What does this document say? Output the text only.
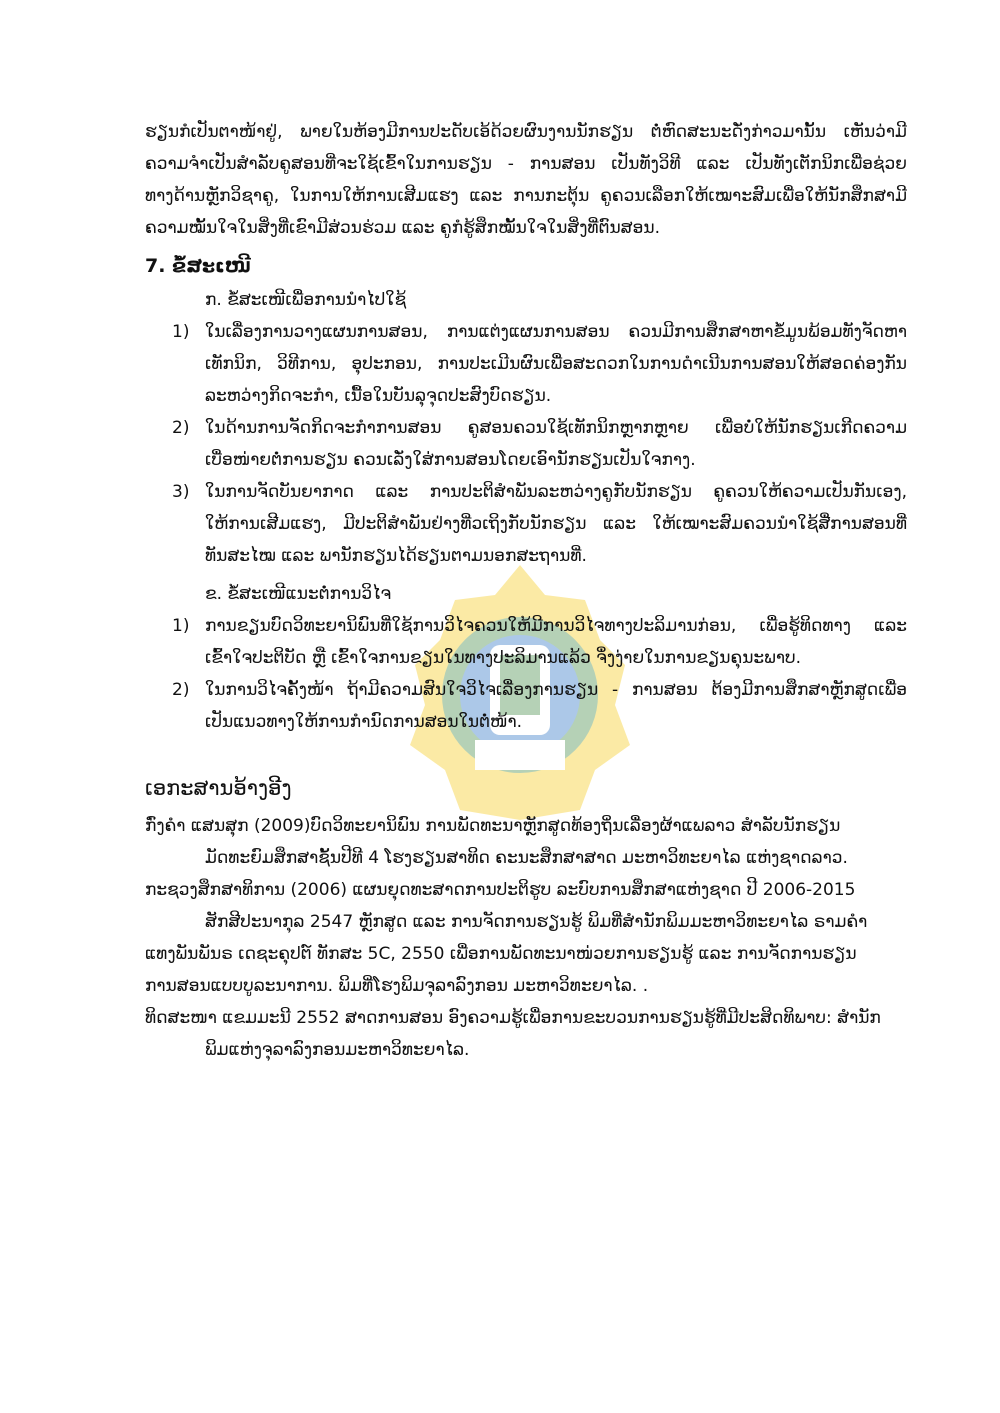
ຮຽນກໍເປັນຕາໜ້າຢູ່, ພາຍໃນຫ້ອງມີການປະດັບເອ້ດ້ວຍຜົນງານນັກຮຽນ ຕໍ່ຫົດສະນະດັ່ງກ່າວມານັ້ນ ເຫັນວ່າມີ
ຄວາມຈໍາເປັນສໍາລັບຄູສອນທີ່ຈະໃຊ້ເຂົ້າໃນການຮຽນ - ການສອນ ເປັນທັງວິທີ ແລະ ເປັນທັງເຕັກນິກເພື່ອຊ່ວຍ
ທາງດ້ານຫຼັກວິຊາຄູ, ໃນການໃຫ້ການເສີມແຮງ ແລະ ການກະຕຸ້ນ ຄູຄວນເລືອກໃຫ້ເໝາະສົມເພື່ອໃຫ້ນັກສຶກສາມີ
ຄວາມໝັ້ນໃຈໃນສິ່ງທີ່ເຂົາມີສ່ວນຮ່ວມ ແລະ ຄູກໍຮູ້ສຶກໝັ້ນໃຈໃນສິ່ງທີ່ຕົນສອນ.
7. ຂໍ້ສະເໜີ
ກ. ຂໍ້ສະເໜີເພື່ອການນໍາໄປໃຊ້
1) ໃນເລື່ອງການວາງແຜນການສອນ, ການແຕ່ງແຜນການສອນ ຄວນມີການສຶກສາຫາຂໍ້ມູນພ້ອມທັງຈັດຫາ
ເທັກນິກ, ວິທີການ, ອຸປະກອນ, ການປະເມີນຜົນເພື່ອສະດວກໃນການດໍາເນີນການສອນໃຫ້ສອດຄ່ອງກັນ
ລະຫວ່າງກິດຈະກໍາ, ເນື້ອໃນບັນລຸຈຸດປະສົງບົດຮຽນ.
2) ໃນດ້ານການຈັດກິດຈະກໍາການສອນ ຄູສອນຄວນໃຊ້ເທັກນິກຫຼາກຫຼາຍ ເພື່ອບໍ່ໃຫ້ນັກຮຽນເກີດຄວາມ
ເບື່ອໜ່າຍຕໍ່ການຮຽນ ຄວນເລັ່ງໃສ່ການສອນໂດຍເອົານັກຮຽນເປັນໃຈກາງ.
3) ໃນການຈັດບັນຍາກາດ ແລະ ການປະຕິສໍາພັນລະຫວ່າງຄູກັບນັກຮຽນ ຄູຄວນໃຫ້ຄວາມເປັນກັນເອງ,
ໃຫ້ການເສີມແຮງ, ມີປະຕິສໍາພັນຢ່າງທີ່ວເຖິງກັບນັກຮຽນ ແລະ ໃຫ້ເໝາະສົມຄວນນໍາໃຊ້ສື່ການສອນທີ່
ທັນສະໄໝ ແລະ ພານັກຮຽນໄດ້ຮຽນຕາມນອກສະຖານທີ່.
ຂ. ຂໍ້ສະເໜີແນະຕໍ່ການວິໄຈ
1) ການຂຽນບົດວິທະຍານິພົນທີ່ໃຊ້ການວິໄຈຄວນໃຫ້ມີການວິໄຈທາງປະລິມານກ່ອນ, ເພື່ອຮູ້ທິດທາງ ແລະ
ເຂົ້າໃຈປະຕິບັດ ຫຼື ເຂົ້າໃຈການຂຽນໃນທາງປະລິມານແລ້ວ ຈຶ່ງງ່າຍໃນການຂຽນຄຸນະພາບ.
2) ໃນການວິໄຈຄັ້ງໜ້າ ຖ້າມີຄວາມສົນໃຈວິໄຈເລື່ອງການຮຽນ - ການສອນ ຕ້ອງມີການສຶກສາຫຼັກສູດເພື່ອ
ເປັນແນວທາງໃຫ້ການກໍານົດການສອນໃນຕໍ່ໜ້າ.
ເອກະສານອ້າງອີງ
ກົ່ງຄໍາ ແສນສຸກ (2009)ບົດວິທະຍານິພົນ ການພັດທະນາຫຼັກສູດທ້ອງຖິ່ນເລື່ອງຜ້າແພລາວ ສໍາລັບນັກຮຽນ
ມັດທະຍົມສຶກສາຊັ້ນປີທີ 4 ໂຮງຮຽນສາທິດ ຄະນະສຶກສາສາດ ມະຫາວິທະຍາໄລ ແຫ່ງຊາດລາວ.
ກະຊວງສຶກສາທິການ (2006) ແຜນຍຸດທະສາດການປະຕິຮູບ ລະບົບການສຶກສາແຫ່ງຊາດ ປີ 2006-2015
ສັກສີປະນາກຸລ 2547 ຫຼັກສູດ ແລະ ການຈັດການຮຽນຮູ້ ພິມທີ່ສໍານັກພິມມະຫາວິທະຍາໄລ ຣາມຄໍາ
ແທງພັນພັນຣ ເດຊະຄຸປຕ໌ ທັກສະ 5C, 2550 ເພື່ອການພັດທະນາໜ່ວຍການຮຽນຮູ້ ແລະ ການຈັດການຮຽນ
ການສອນແບບບູລະນາການ. ພິມທີ່ໂຮງພິມຈຸລາລົງກອນ ມະຫາວິທະຍາໄລ. .
ທິດສະໜາ ແຂມມະນີ 2552 ສາດການສອນ ອົງຄວາມຮູ້ເພື່ອການຂະບວນການຮຽນຮູ້ທີ່ມີປະສິດທິພາບ: ສໍານັກ
ພິມແຫ່ງຈຸລາລົງກອນມະຫາວິທະຍາໄລ.
